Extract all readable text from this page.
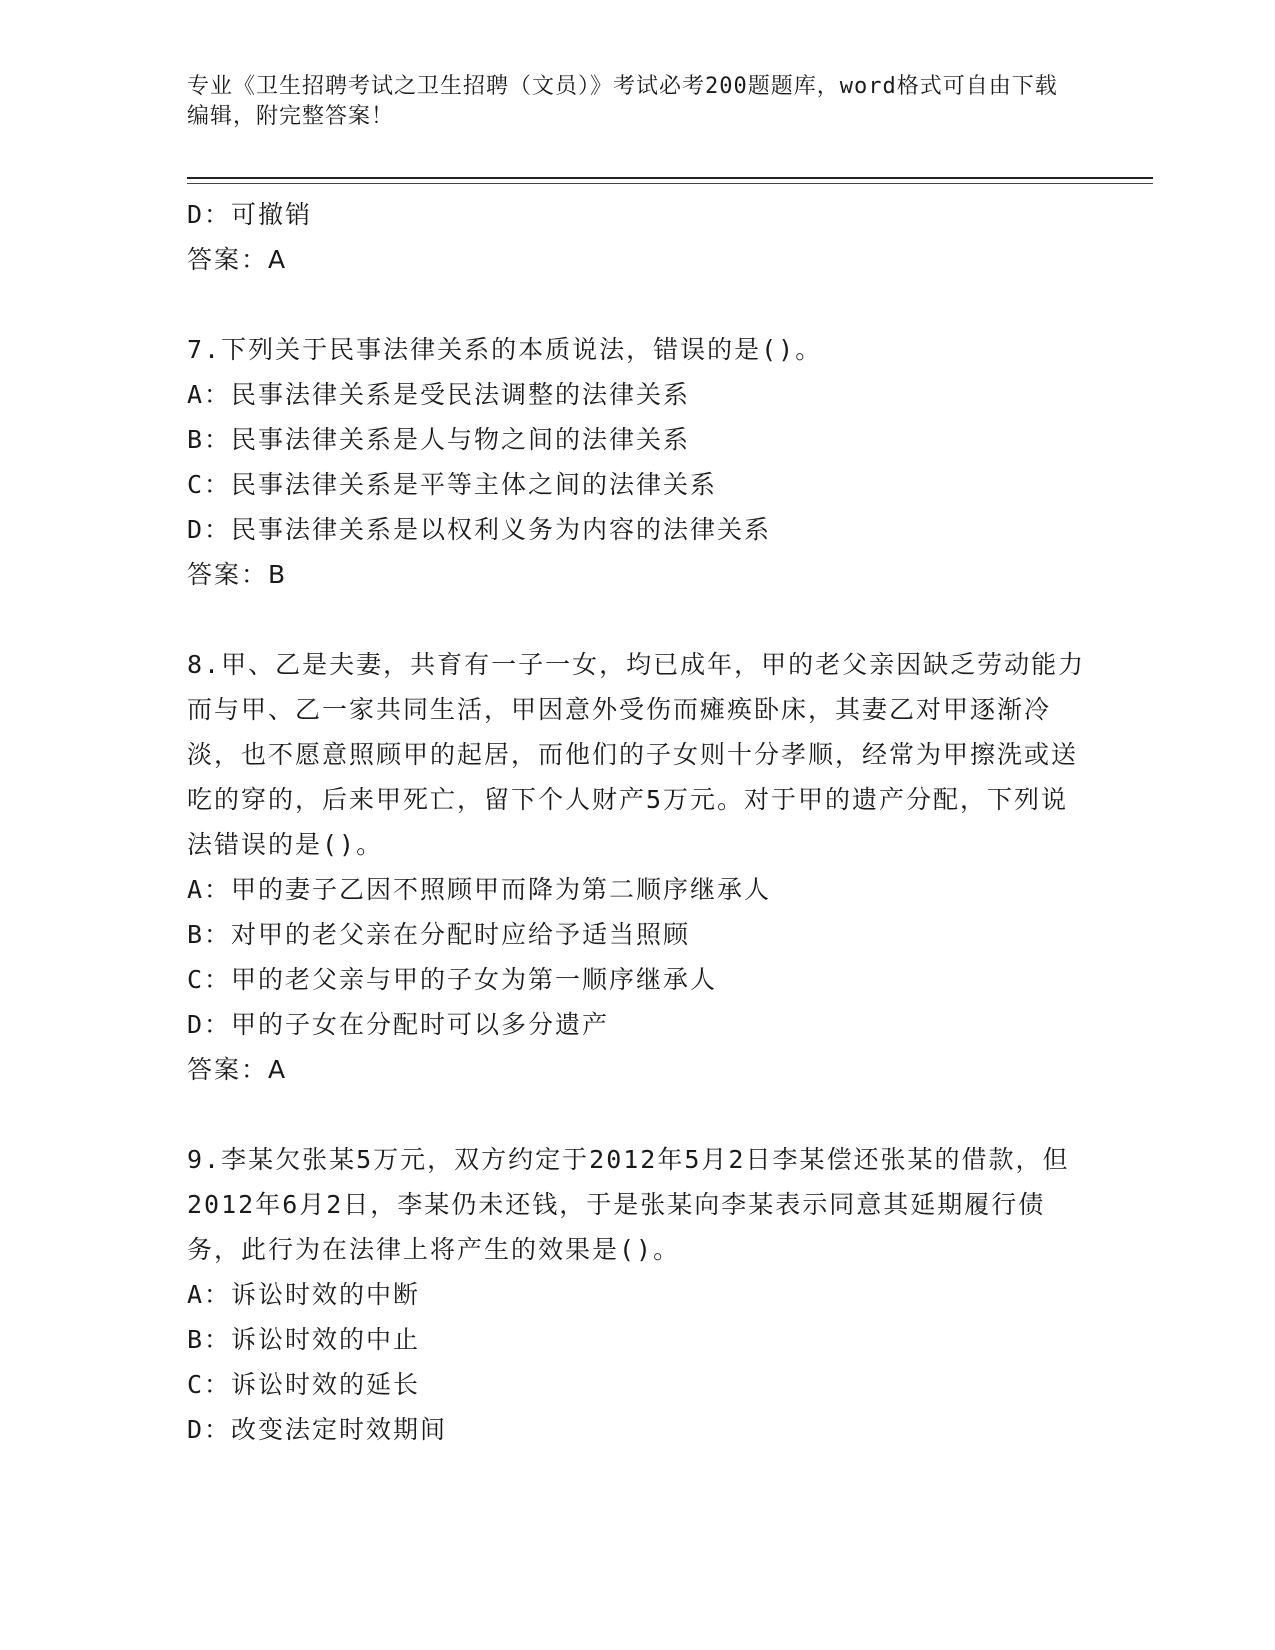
专业《卫生招聘考试之卫生招聘（文员）》考试必考200题题库，word格式可自由下载编辑，附完整答案！
D：可撤销
答案：A
7.下列关于民事法律关系的本质说法，错误的是()。
A：民事法律关系是受民法调整的法律关系
B：民事法律关系是人与物之间的法律关系
C：民事法律关系是平等主体之间的法律关系
D：民事法律关系是以权利义务为内容的法律关系
答案：B
8.甲、乙是夫妻，共育有一子一女，均已成年，甲的老父亲因缺乏劳动能力而与甲、乙一家共同生活，甲因意外受伤而瘫痪卧床，其妻乙对甲逐渐冷淡，也不愿意照顾甲的起居，而他们的子女则十分孝顺，经常为甲擦洗或送吃的穿的，后来甲死亡，留下个人财产5万元。对于甲的遗产分配，下列说法错误的是()。
A：甲的妻子乙因不照顾甲而降为第二顺序继承人
B：对甲的老父亲在分配时应给予适当照顾
C：甲的老父亲与甲的子女为第一顺序继承人
D：甲的子女在分配时可以多分遗产
答案：A
9.李某欠张某5万元，双方约定于2012年5月2日李某偿还张某的借款，但2012年6月2日，李某仍未还钱，于是张某向李某表示同意其延期履行债务，此行为在法律上将产生的效果是()。
A：诉讼时效的中断
B：诉讼时效的中止
C：诉讼时效的延长
D：改变法定时效期间
